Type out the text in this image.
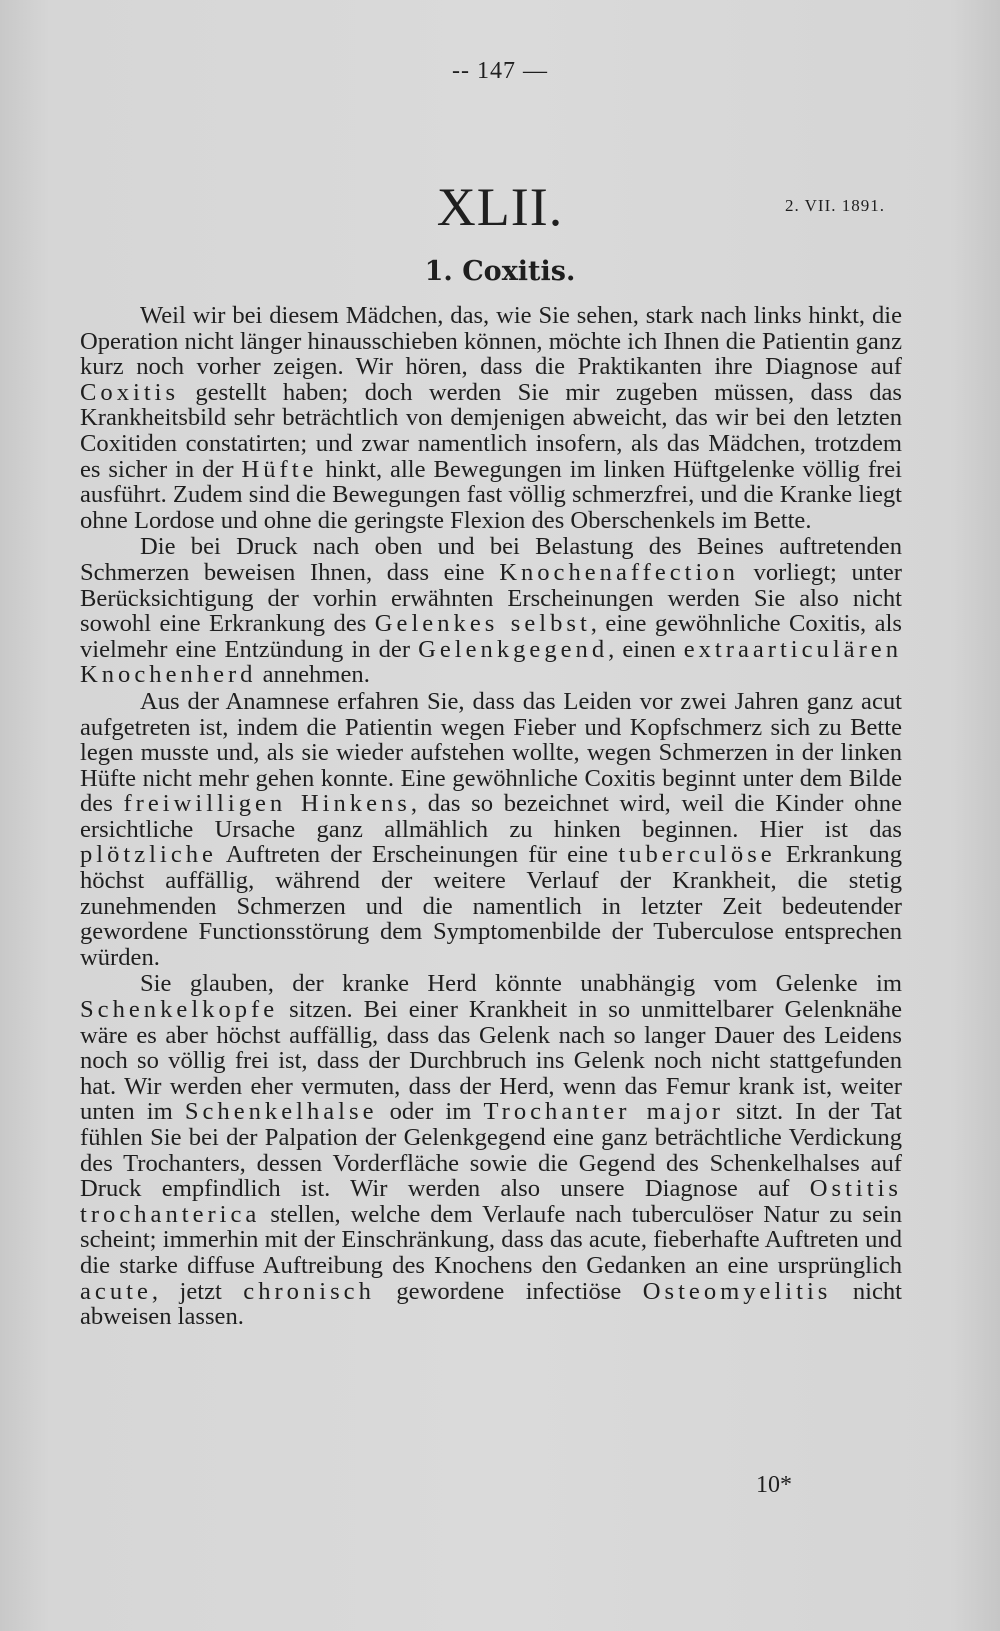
-- 147 —
XLII.	2. VII. 1891.
1. Coxitis.

Weil wir bei diesem Mädchen, das, wie Sie sehen, stark nach links hinkt, die Operation nicht länger hinausschieben können, möchte ich Ihnen die Patientin ganz kurz noch vorher zeigen. Wir hören, dass die Praktikanten ihre Diagnose auf Coxitis gestellt haben; doch werden Sie mir zugeben müssen, dass das Krankheitsbild sehr beträchtlich von demjenigen abweicht, das wir bei den letzten Coxitiden constatirten; und zwar namentlich insofern, als das Mädchen, trotzdem es sicher in der Hüfte hinkt, alle Bewegungen im linken Hüftgelenke völlig frei ausführt. Zudem sind die Bewegungen fast völlig schmerzfrei, und die Kranke liegt ohne Lordose und ohne die geringste Flexion des Oberschenkels im Bette.

Die bei Druck nach oben und bei Belastung des Beines auftretenden Schmerzen beweisen Ihnen, dass eine Knochenaffection vorliegt; unter Berücksichtigung der vorhin erwähnten Erscheinungen werden Sie also nicht sowohl eine Erkrankung des Gelenkes selbst, eine gewöhnliche Coxitis, als vielmehr eine Entzündung in der Gelenkgegend, einen extraarticulären Knochenherd annehmen.

Aus der Anamnese erfahren Sie, dass das Leiden vor zwei Jahren ganz acut aufgetreten ist, indem die Patientin wegen Fieber und Kopfschmerz sich zu Bette legen musste und, als sie wieder aufstehen wollte, wegen Schmerzen in der linken Hüfte nicht mehr gehen konnte. Eine gewöhnliche Coxitis beginnt unter dem Bilde des freiwilligen Hinkens, das so bezeichnet wird, weil die Kinder ohne ersichtliche Ursache ganz allmählich zu hinken beginnen. Hier ist das plötzliche Auftreten der Erscheinungen für eine tuberculöse Erkrankung höchst auffällig, während der weitere Verlauf der Krankheit, die stetig zunehmenden Schmerzen und die namentlich in letzter Zeit bedeutender gewordene Functionsstörung dem Symptomenbilde der Tuberculose entsprechen würden.

Sie glauben, der kranke Herd könnte unabhängig vom Gelenke im Schenkelkopfe sitzen. Bei einer Krankheit in so unmittelbarer Gelenknähe wäre es aber höchst auffällig, dass das Gelenk nach so langer Dauer des Leidens noch so völlig frei ist, dass der Durchbruch ins Gelenk noch nicht stattgefunden hat. Wir werden eher vermuten, dass der Herd, wenn das Femur krank ist, weiter unten im Schenkelhalse oder im Trochanter major sitzt. In der Tat fühlen Sie bei der Palpation der Gelenkgegend eine ganz beträchtliche Verdickung des Trochanters, dessen Vorderfläche sowie die Gegend des Schenkelhalses auf Druck empfindlich ist. Wir werden also unsere Diagnose auf Ostitis trochanterica stellen, welche dem Verlaufe nach tuberculöser Natur zu sein scheint; immerhin mit der Einschränkung, dass das acute, fieberhafte Auftreten und die starke diffuse Auftreibung des Knochens den Gedanken an eine ursprünglich acute, jetzt chronisch gewordene infectiöse Osteomyelitis nicht abweisen lassen.

10*
